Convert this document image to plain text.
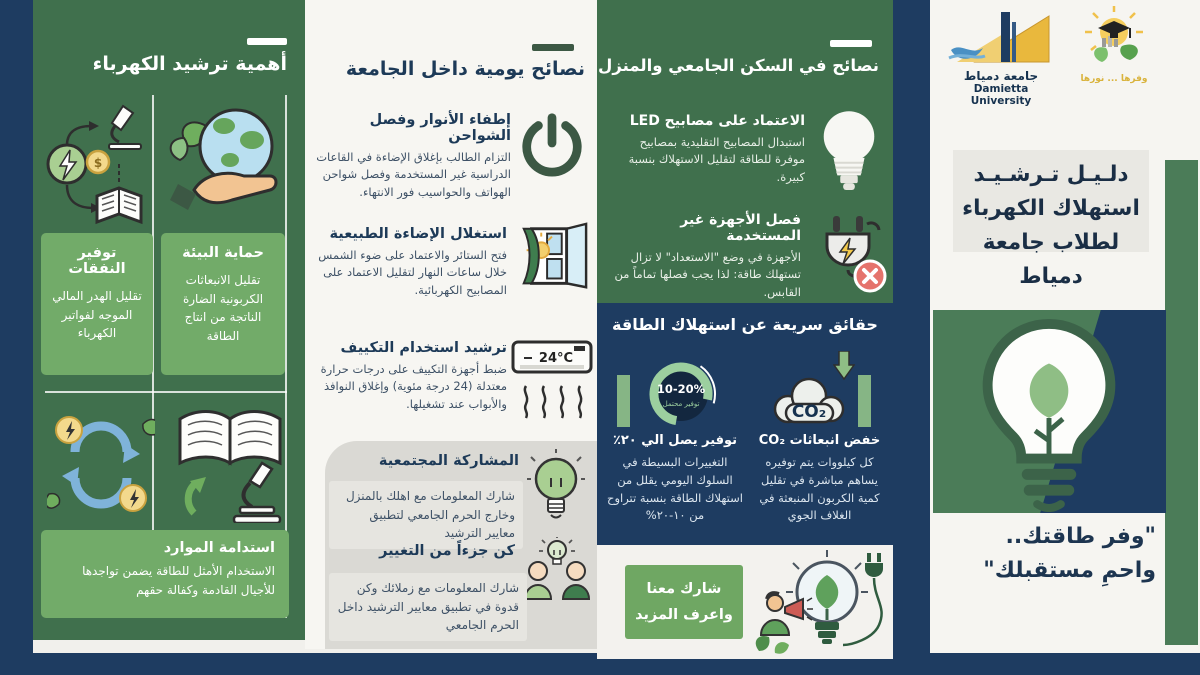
أهمية ترشيد الكهرباء
$
توفير النفقات
تقليل الهدر المالي الموجه لفواتير الكهرباء
حماية البيئة
تقليل الانبعاثات الكربونية الضارة الناتجة من انتاج الطاقة
استدامة الموارد
الاستخدام الأمثل للطاقة يضمن تواجدها للأجيال القادمة وكفالة حقهم
نصائح يومية داخل الجامعة
إطفاء الأنوار وفصل الشواحن
التزام الطالب بإغلاق الإضاءة في القاعات الدراسية غير المستخدمة وفصل شواحن الهواتف والحواسيب فور الانتهاء.
استغلال الإضاءة الطبيعية
فتح الستائر والاعتماد على ضوء الشمس خلال ساعات النهار لتقليل الاعتماد على المصابيح الكهربائية.
24°C
ترشيد استخدام التكييف
ضبط أجهزة التكييف على درجات حرارة معتدلة (24 درجة مئوية) وإغلاق النوافذ والأبواب عند تشغيلها.
المشاركة المجتمعية
شارك المعلومات مع اهلك بالمنزل وخارج الحرم الجامعي لتطبيق معايير الترشيد
كن جزءاً من التغيير
شارك المعلومات مع زملائك وكن قدوة في تطبيق معايير الترشيد داخل الحرم الجامعي
نصائح في السكن الجامعي والمنزل
الاعتماد على مصابيح LED
استبدال المصابيح التقليدية بمصابيح موفرة للطاقة لتقليل الاستهلاك بنسبة كبيرة.
فصل الأجهزة غير المستخدمة
الأجهزة في وضع "الاستعداد" لا تزال تستهلك طاقة: لذا يجب فصلها تماماً من القابس.
حقائق سريعة عن استهلاك الطاقة
10-20%
توفير محتمل	CO₂
خفض انبعاثات CO₂
كل كيلووات يتم توفيره يساهم مباشرة في تقليل كمية الكربون المنبعثة في الغلاف الجوي
توفير يصل الي ٢٠٪
التغييرات البسيطة في السلوك اليومي يقلل من استهلاك الطاقة بنسبة تتراوح من ١٠-٢٠%
شارك معنا
واعرف المزيد
جامعة دمياط
Damietta University
وفرها ... نورها
دلـيـل تـرشـيـد
استهلاك الكهرباء
لطلاب جامعة دمياط
"وفر طاقتك..
واحمِ مستقبلك"
